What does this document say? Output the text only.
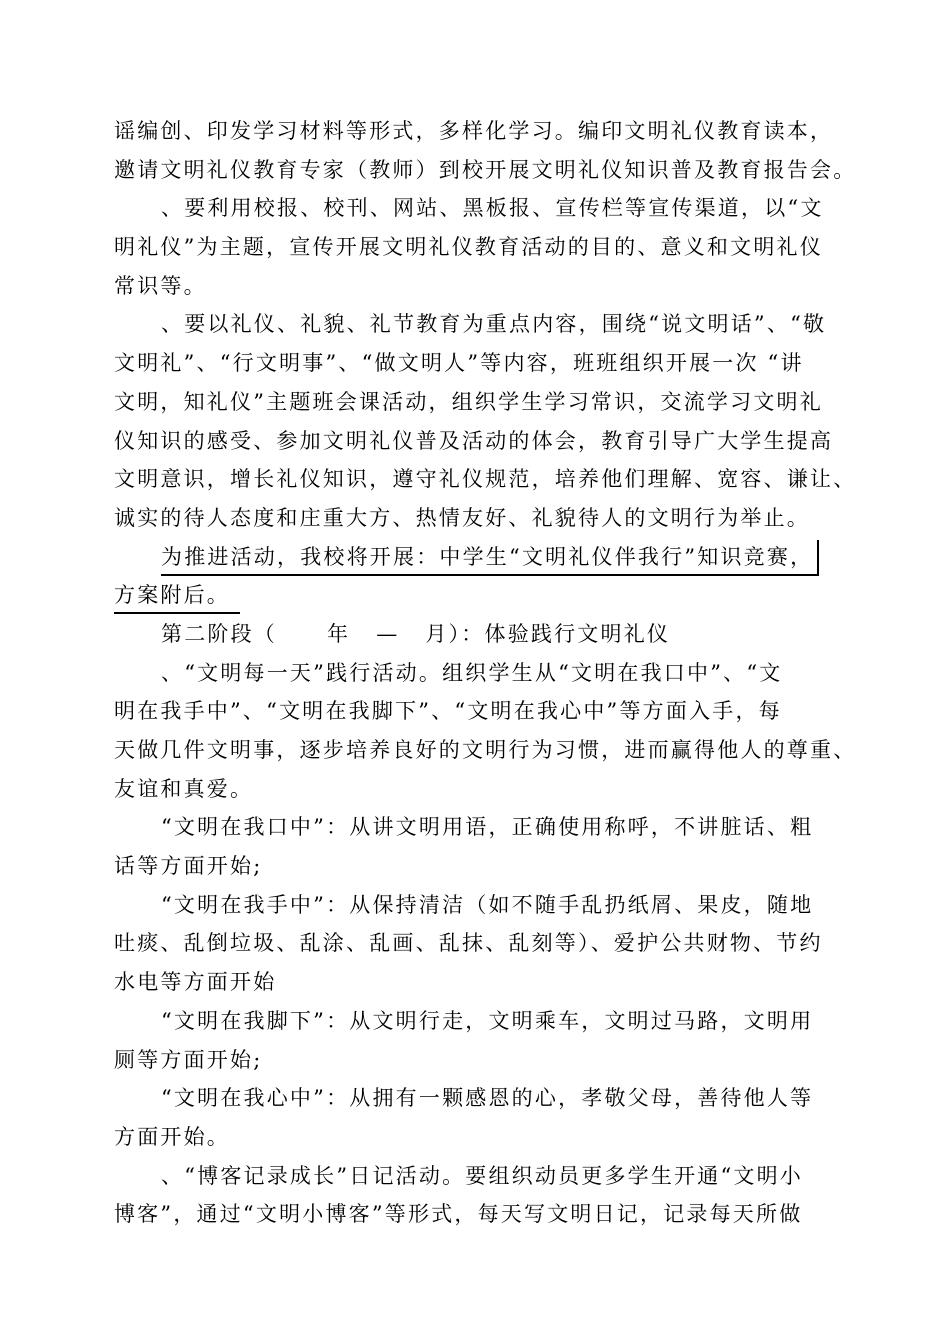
谣编创、印发学习材料等形式，多样化学习。编印文明礼仪教育读本，
邀请文明礼仪教育专家（教师）到校开展文明礼仪知识普及教育报告会。
、要利用校报、校刊、网站、黑板报、宣传栏等宣传渠道，以“文
明礼仪”为主题，宣传开展文明礼仪教育活动的目的、意义和文明礼仪
常识等。
、要以礼仪、礼貌、礼节教育为重点内容，围绕“说文明话”、“敬
文明礼”、“行文明事”、“做文明人”等内容，班班组织开展一次 “讲
文明，知礼仪”主题班会课活动，组织学生学习常识，交流学习文明礼
仪知识的感受、参加文明礼仪普及活动的体会，教育引导广大学生提高
文明意识，增长礼仪知识，遵守礼仪规范，培养他们理解、宽容、谦让、
诚实的待人态度和庄重大方、热情友好、礼貌待人的文明行为举止。
为推进活动，我校将开展：中学生“文明礼仪伴我行”知识竞赛，
方案附后。
第二阶段（ 年 — 月）：体验践行文明礼仪
、“文明每一天”践行活动。组织学生从“文明在我口中”、“文
明在我手中”、“文明在我脚下”、“文明在我心中”等方面入手，每
天做几件文明事，逐步培养良好的文明行为习惯，进而赢得他人的尊重、
友谊和真爱。
“文明在我口中”：从讲文明用语，正确使用称呼，不讲脏话、粗
话等方面开始;
“文明在我手中”：从保持清洁（如不随手乱扔纸屑、果皮，随地
吐痰、乱倒垃圾、乱涂、乱画、乱抹、乱刻等）、爱护公共财物、节约
水电等方面开始
“文明在我脚下”：从文明行走，文明乘车，文明过马路，文明用
厕等方面开始;
“文明在我心中”：从拥有一颗感恩的心，孝敬父母，善待他人等
方面开始。
、“博客记录成长”日记活动。要组织动员更多学生开通“文明小
博客”，通过“文明小博客”等形式，每天写文明日记，记录每天所做
